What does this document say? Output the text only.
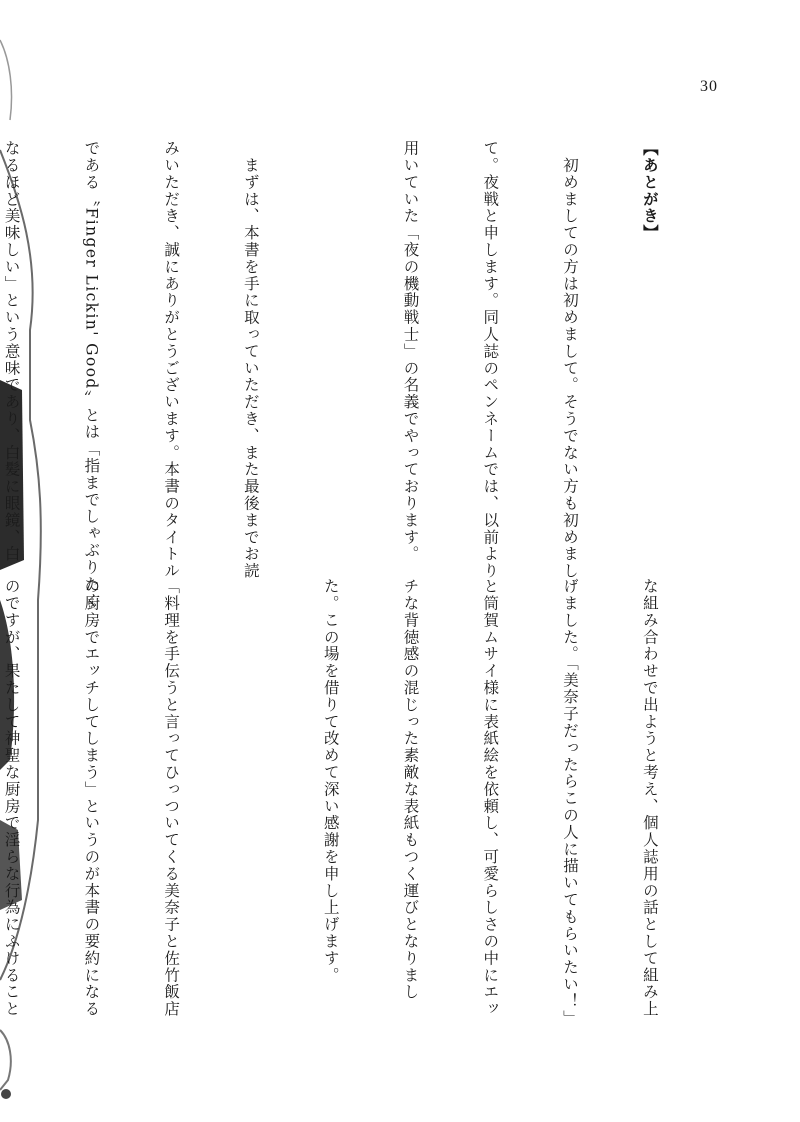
30

【あとがき】

　初めましての方は初めまして。そうでない方も初めまし

て。夜戦と申します。同人誌のペンネームでは、以前より

用いていた「夜の機動戦士」の名義でやっております。

　まずは、本書を手に取っていただき、また最後までお読

みいただき、誠にありがとうございます。本書のタイトル

である〝Finger Lickin' Good〟とは「指までしゃぶりたく

なるほど美味しい」という意味であり、白髪に眼鏡、白

な組み合わせで出ようと考え、個人誌用の話として組み上

げました。「美奈子だったらこの人に描いてもらいたい！」

と筒賀ムサイ様に表紙絵を依頼し、可愛らしさの中にエッ

チな背徳感の混じった素敵な表紙もつく運びとなりまし

た。この場を借りて改めて深い感謝を申し上げます。

「料理を手伝うと言ってひっついてくる美奈子と佐竹飯店

の厨房でエッチしてしまう」というのが本書の要約になる

のですが、果たして神聖な厨房で淫らな行為にふけること
